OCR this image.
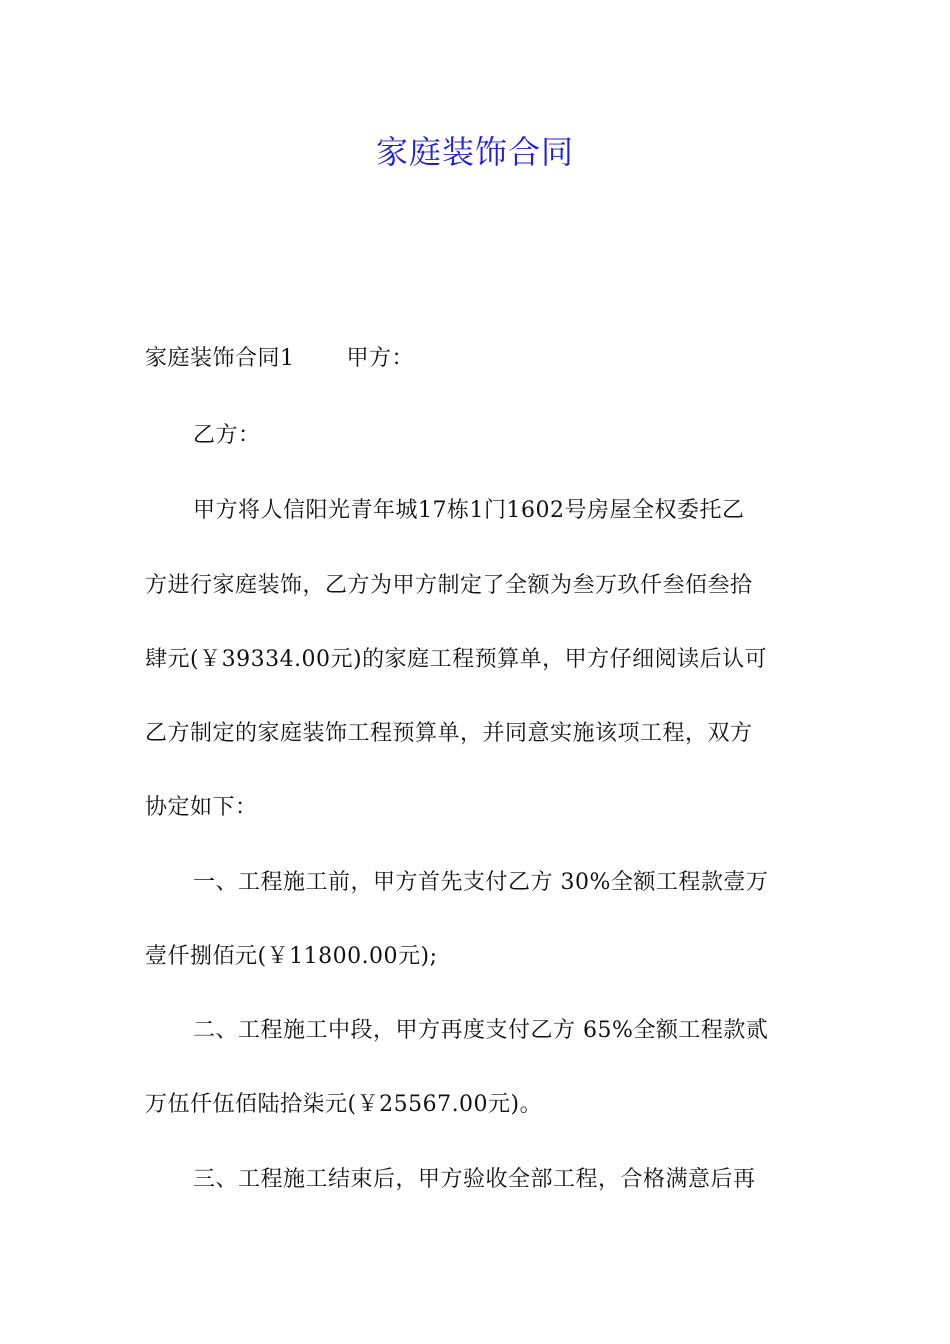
家庭装饰合同
家庭装饰合同1 甲方：
乙方：
甲方将人信阳光青年城17栋1门1602号房屋全权委托乙
方进行家庭装饰，乙方为甲方制定了全额为叁万玖仟叁佰叁拾
肆元(￥39334.00元)的家庭工程预算单，甲方仔细阅读后认可
乙方制定的家庭装饰工程预算单，并同意实施该项工程，双方
协定如下：
一、工程施工前，甲方首先支付乙方 30%全额工程款壹万
壹仟捌佰元(￥11800.00元);
二、工程施工中段，甲方再度支付乙方 65%全额工程款贰
万伍仟伍佰陆拾柒元(￥25567.00元)。
三、工程施工结束后，甲方验收全部工程，合格满意后再
